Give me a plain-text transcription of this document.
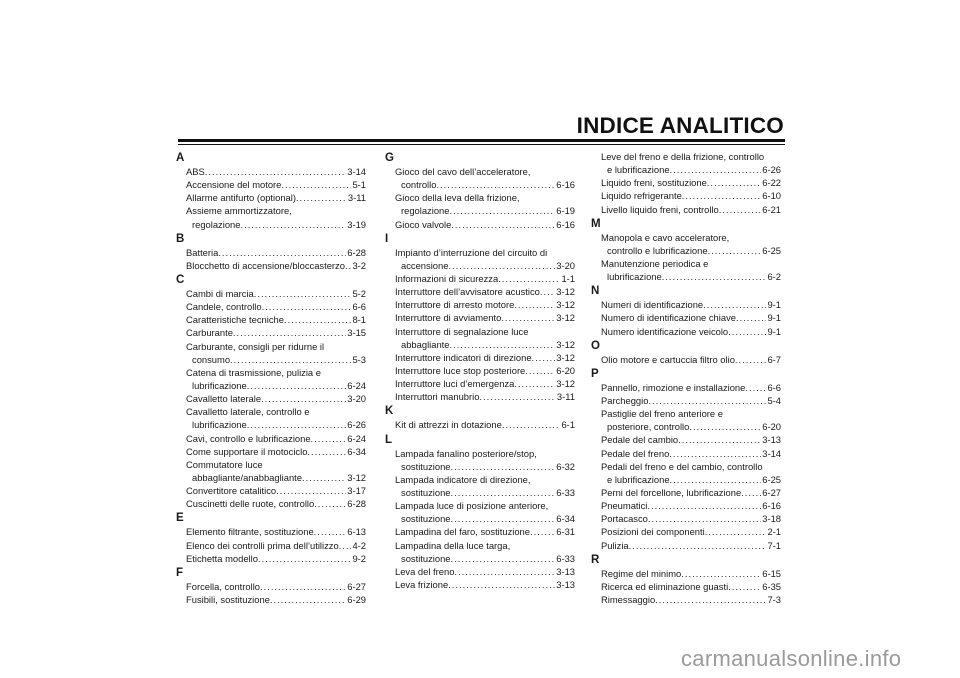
INDICE ANALITICO
A
ABS .....	3-14
Accensione del motore .....	5-1
Allarme antifurto (optional) .....	3-11
Assieme ammortizzatore,
regolazione .....	3-19
B
Batteria .....	6-28
Blocchetto di accensione/bloccasterzo ..... 3-2
C
Cambi di marcia .....	5-2
Candele, controllo .....	6-6
Caratteristiche tecniche .....	8-1
Carburante .....	3-15
Carburante, consigli per ridurne il
consumo .....	5-3
Catena di trasmissione, pulizia e
lubrificazione .....	6-24
Cavalletto laterale .....	3-20
Cavalletto laterale, controllo e
lubrificazione .....	6-26
Cavi, controllo e lubrificazione .....	6-24
Come supportare il motociclo .....	6-34
Commutatore luce
abbagliante/anabbagliante .....	3-12
Convertitore catalitico .....	3-17
Cuscinetti delle ruote, controllo .....	6-28
E
Elemento filtrante, sostituzione .....	6-13
Elenco dei controlli prima dell’utilizzo ..... 4-2
Etichetta modello .....	9-2
F
Forcella, controllo .....	6-27
Fusibili, sostituzione .....	6-29
G
Gioco del cavo dell’acceleratore,
controllo .....	6-16
Gioco della leva della frizione,
regolazione .....	6-19
Gioco valvole .....	6-16
I
Impianto d’interruzione del circuito di
accensione .....	3-20
Informazioni di sicurezza .....	1-1
Interruttore dell’avvisatore acustico ..... 3-12
Interruttore di arresto motore .....	3-12
Interruttore di avviamento .....	3-12
Interruttore di segnalazione luce
abbagliante .....	3-12
Interruttore indicatori di direzione .....	3-12
Interruttore luce stop posteriore .....	6-20
Interruttore luci d’emergenza .....	3-12
Interruttori manubrio .....	3-11
K
Kit di attrezzi in dotazione .....	6-1
L
Lampada fanalino posteriore/stop,
sostituzione .....	6-32
Lampada indicatore di direzione,
sostituzione .....	6-33
Lampada luce di posizione anteriore,
sostituzione .....	6-34
Lampadina del faro, sostituzione .....	6-31
Lampadina della luce targa,
sostituzione .....	6-33
Leva del freno .....	3-13
Leva frizione .....	3-13
Leve del freno e della frizione, controllo
e lubrificazione .....	6-26
Liquido freni, sostituzione .....	6-22
Liquido refrigerante .....	6-10
Livello liquido freni, controllo .....	6-21
M
Manopola e cavo acceleratore,
controllo e lubrificazione .....	6-25
Manutenzione periodica e
lubrificazione .....	6-2
N
Numeri di identificazione .....	9-1
Numero di identificazione chiave .....	9-1
Numero identificazione veicolo .....	9-1
O
Olio motore e cartuccia filtro olio .....	6-7
P
Pannello, rimozione e installazione ..... 6-6
Parcheggio .....	5-4
Pastiglie del freno anteriore e
posteriore, controllo .....	6-20
Pedale del cambio .....	3-13
Pedale del freno .....	3-14
Pedali del freno e del cambio, controllo
e lubrificazione .....	6-25
Perni del forcellone, lubrificazione ..... 6-27
Pneumatici .....	6-16
Portacasco .....	3-18
Posizioni dei componenti .....	2-1
Pulizia .....	7-1
R
Regime del minimo .....	6-15
Ricerca ed eliminazione guasti .....	6-35
Rimessaggio .....	7-3
carmanualsonline.info
